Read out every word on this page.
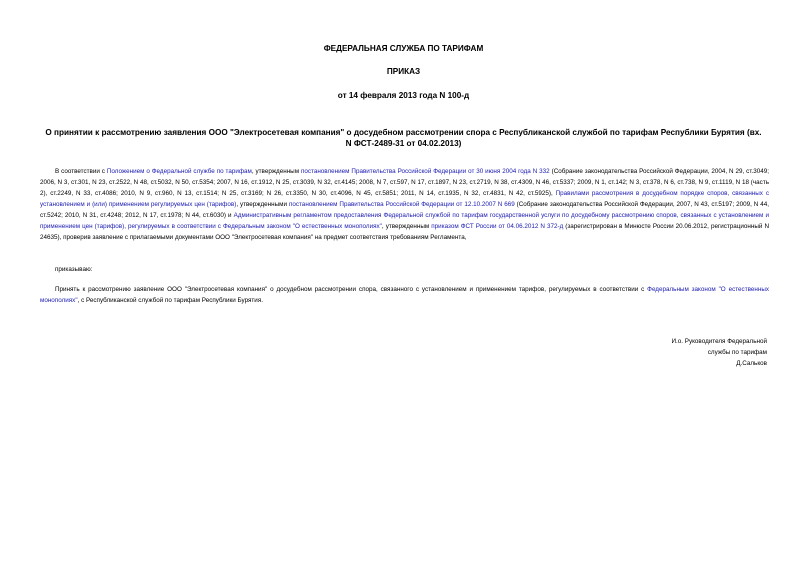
ФЕДЕРАЛЬНАЯ СЛУЖБА ПО ТАРИФАМ
ПРИКАЗ
от 14 февраля 2013 года N 100-д
О принятии к рассмотрению заявления ООО "Электросетевая компания" о досудебном рассмотрении спора с Республиканской службой по тарифам Республики Бурятия (вх. N ФСТ-2489-31 от 04.02.2013)

В соответствии с Положением о Федеральной службе по тарифам, утвержденным постановлением Правительства Российской Федерации от 30 июня 2004 года N 332 (Собрание законодательства Российской Федерации, 2004, N 29, ст.3049; 2006, N 3, ст.301, N 23, ст.2522, N 48, ст.5032, N 50, ст.5354; 2007, N 16, ст.1912, N 25, ст.3039, N 32, ст.4145; 2008, N 7, ст.597, N 17, ст.1897, N 23, ст.2719, N 38, ст.4309, N 46, ст.5337; 2009, N 1, ст.142; N 3, ст.378, N 6, ст.738, N 9, ст.1119, N 18 (часть 2), ст.2249, N 33, ст.4086; 2010, N 9, ст.960, N 13, ст.1514; N 25, ст.3169; N 26, ст.3350, N 30, ст.4096, N 45, ст.5851; 2011, N 14, ст.1935, N 32, ст.4831, N 42, ст.5925), Правилами рассмотрения в досудебном порядке споров, связанных с установлением и (или) применением регулируемых цен (тарифов), утвержденными постановлением Правительства Российской Федерации от 12.10.2007 N 669 (Собрание законодательства Российской Федерации, 2007, N 43, ст.5197; 2009, N 44, ст.5242; 2010, N 31, ст.4248; 2012, N 17, ст.1978; N 44, ст.6030) и Административным регламентом предоставления Федеральной службой по тарифам государственной услуги по досудебному рассмотрению споров, связанных с установлением и применением цен (тарифов), регулируемых в соответствии с Федеральным законом "О естественных монополиях", утвержденным приказом ФСТ России от 04.06.2012 N 372-д (зарегистрирован в Минюсте России 20.06.2012, регистрационный N 24635), проверив заявление с прилагаемыми документами ООО "Электросетевая компания" на предмет соответствия требованиям Регламента,

приказываю:

Принять к рассмотрению заявление ООО "Электросетевая компания" о досудебном рассмотрении спора, связанного с установлением и применением тарифов, регулируемых в соответствии с Федеральным законом "О естественных монополиях", с Республиканской службой по тарифам Республики Бурятия.

И.о. Руководителя Федеральной
службы по тарифам
Д.Сальков
